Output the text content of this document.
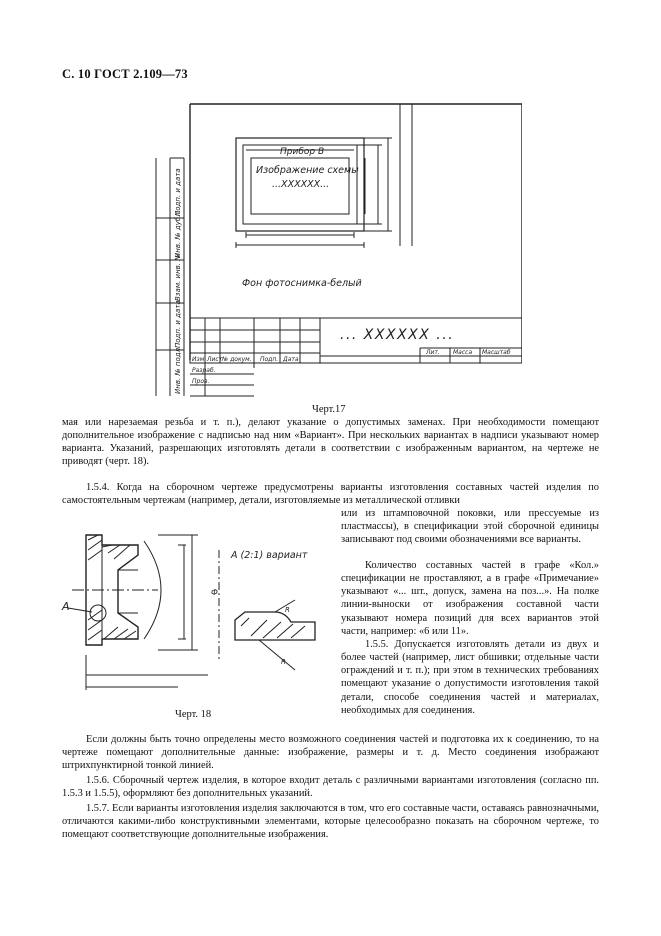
С. 10 ГОСТ 2.109—73
Прибор В
Изображение схемы
...XXXXXX...
Фон фотоснимка-белый
... XXXXXX ...
Подп. и дата
Инв. № дубл.
Взам. инв. №
Подп. и дата
Инв. № подл. Изм. Лист № докум. Подп. Дата
Разраб.
Пров.
Лит. Масса Масштаб
Черт.17

мая или нарезаемая резьба и т. п.), делают указание о допустимых заменах. При необходимости помещают дополнительное изображение с надписью над ним «Вариант». При нескольких вариантах в надписи указывают номер варианта. Указаний, разрешающих изготовлять детали в соответствии с изображенным вариантом, на чертеже не приводят (черт. 18).

1.5.4. Когда на сборочном чертеже предусмотрены варианты изготовления составных частей изделия по самостоятельным чертежам (например, детали, изготовляемые из металлической отливки

А
А (2:1) вариант
Ф
R
R
Черт. 18

или из штамповочной поковки, или прессуемые из пластмассы), в спецификации этой сборочной единицы записывают под своими обозначениями все варианты.

Количество составных частей в графе «Кол.» спецификации не проставляют, а в графе «Примечание» указывают «... шт., допуск, замена на поз...». На полке линии-выноски от изображения составной части указывают номера позиций для всех вариантов этой части, например: «6 или 11».

1.5.5. Допускается изготовлять детали из двух и более частей (например, лист обшивки; отдельные части ограждений и т. п.); при этом в технических требованиях помещают указание о допустимости изготовления такой детали, способе соединения частей и материалах, необходимых для соединения.

Если должны быть точно определены место возможного соединения частей и подготовка их к соединению, то на чертеже помещают дополнительные данные: изображение, размеры и т. д. Место соединения изображают штрихпунктирной тонкой линией.

1.5.6. Сборочный чертеж изделия, в которое входит деталь с различными вариантами изготовления (согласно пп. 1.5.3 и 1.5.5), оформляют без дополнительных указаний.

1.5.7. Если варианты изготовления изделия заключаются в том, что его составные части, оставаясь равнозначными, отличаются какими-либо конструктивными элементами, которые целесообразно показать на сборочном чертеже, то помещают соответствующие дополнительные изображения.
